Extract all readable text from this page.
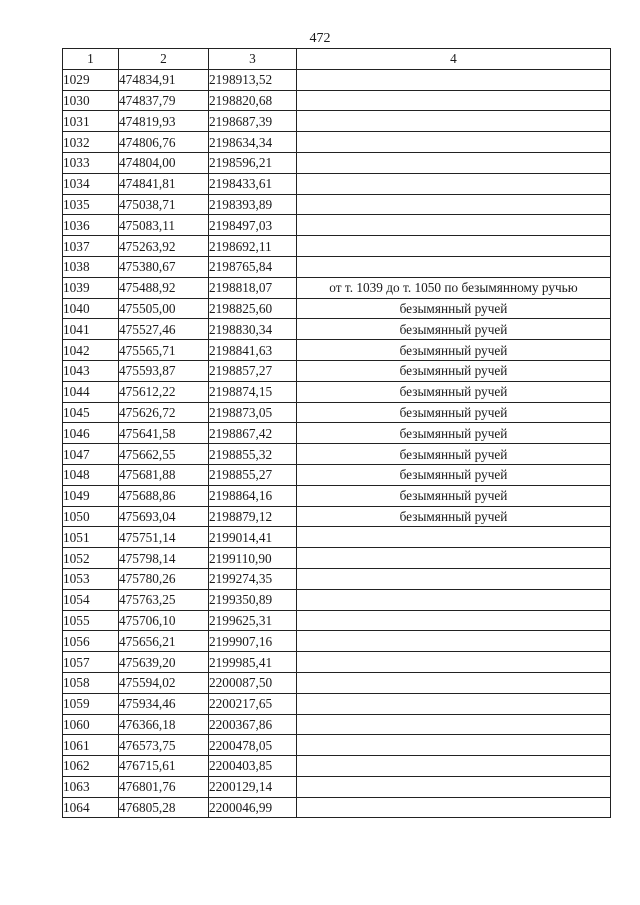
472
1	2	3	4
1029	474834,91	2198913,52	
1030	474837,79	2198820,68	
1031	474819,93	2198687,39	
1032	474806,76	2198634,34	
1033	474804,00	2198596,21	
1034	474841,81	2198433,61	
1035	475038,71	2198393,89	
1036	475083,11	2198497,03	
1037	475263,92	2198692,11	
1038	475380,67	2198765,84	
1039	475488,92	2198818,07	от т. 1039 до т. 1050 по безымянному ручью
1040	475505,00	2198825,60	безымянный ручей
1041	475527,46	2198830,34	безымянный ручей
1042	475565,71	2198841,63	безымянный ручей
1043	475593,87	2198857,27	безымянный ручей
1044	475612,22	2198874,15	безымянный ручей
1045	475626,72	2198873,05	безымянный ручей
1046	475641,58	2198867,42	безымянный ручей
1047	475662,55	2198855,32	безымянный ручей
1048	475681,88	2198855,27	безымянный ручей
1049	475688,86	2198864,16	безымянный ручей
1050	475693,04	2198879,12	безымянный ручей
1051	475751,14	2199014,41	
1052	475798,14	2199110,90	
1053	475780,26	2199274,35	
1054	475763,25	2199350,89	
1055	475706,10	2199625,31	
1056	475656,21	2199907,16	
1057	475639,20	2199985,41	
1058	475594,02	2200087,50	
1059	475934,46	2200217,65	
1060	476366,18	2200367,86	
1061	476573,75	2200478,05	
1062	476715,61	2200403,85	
1063	476801,76	2200129,14	
1064	476805,28	2200046,99	
